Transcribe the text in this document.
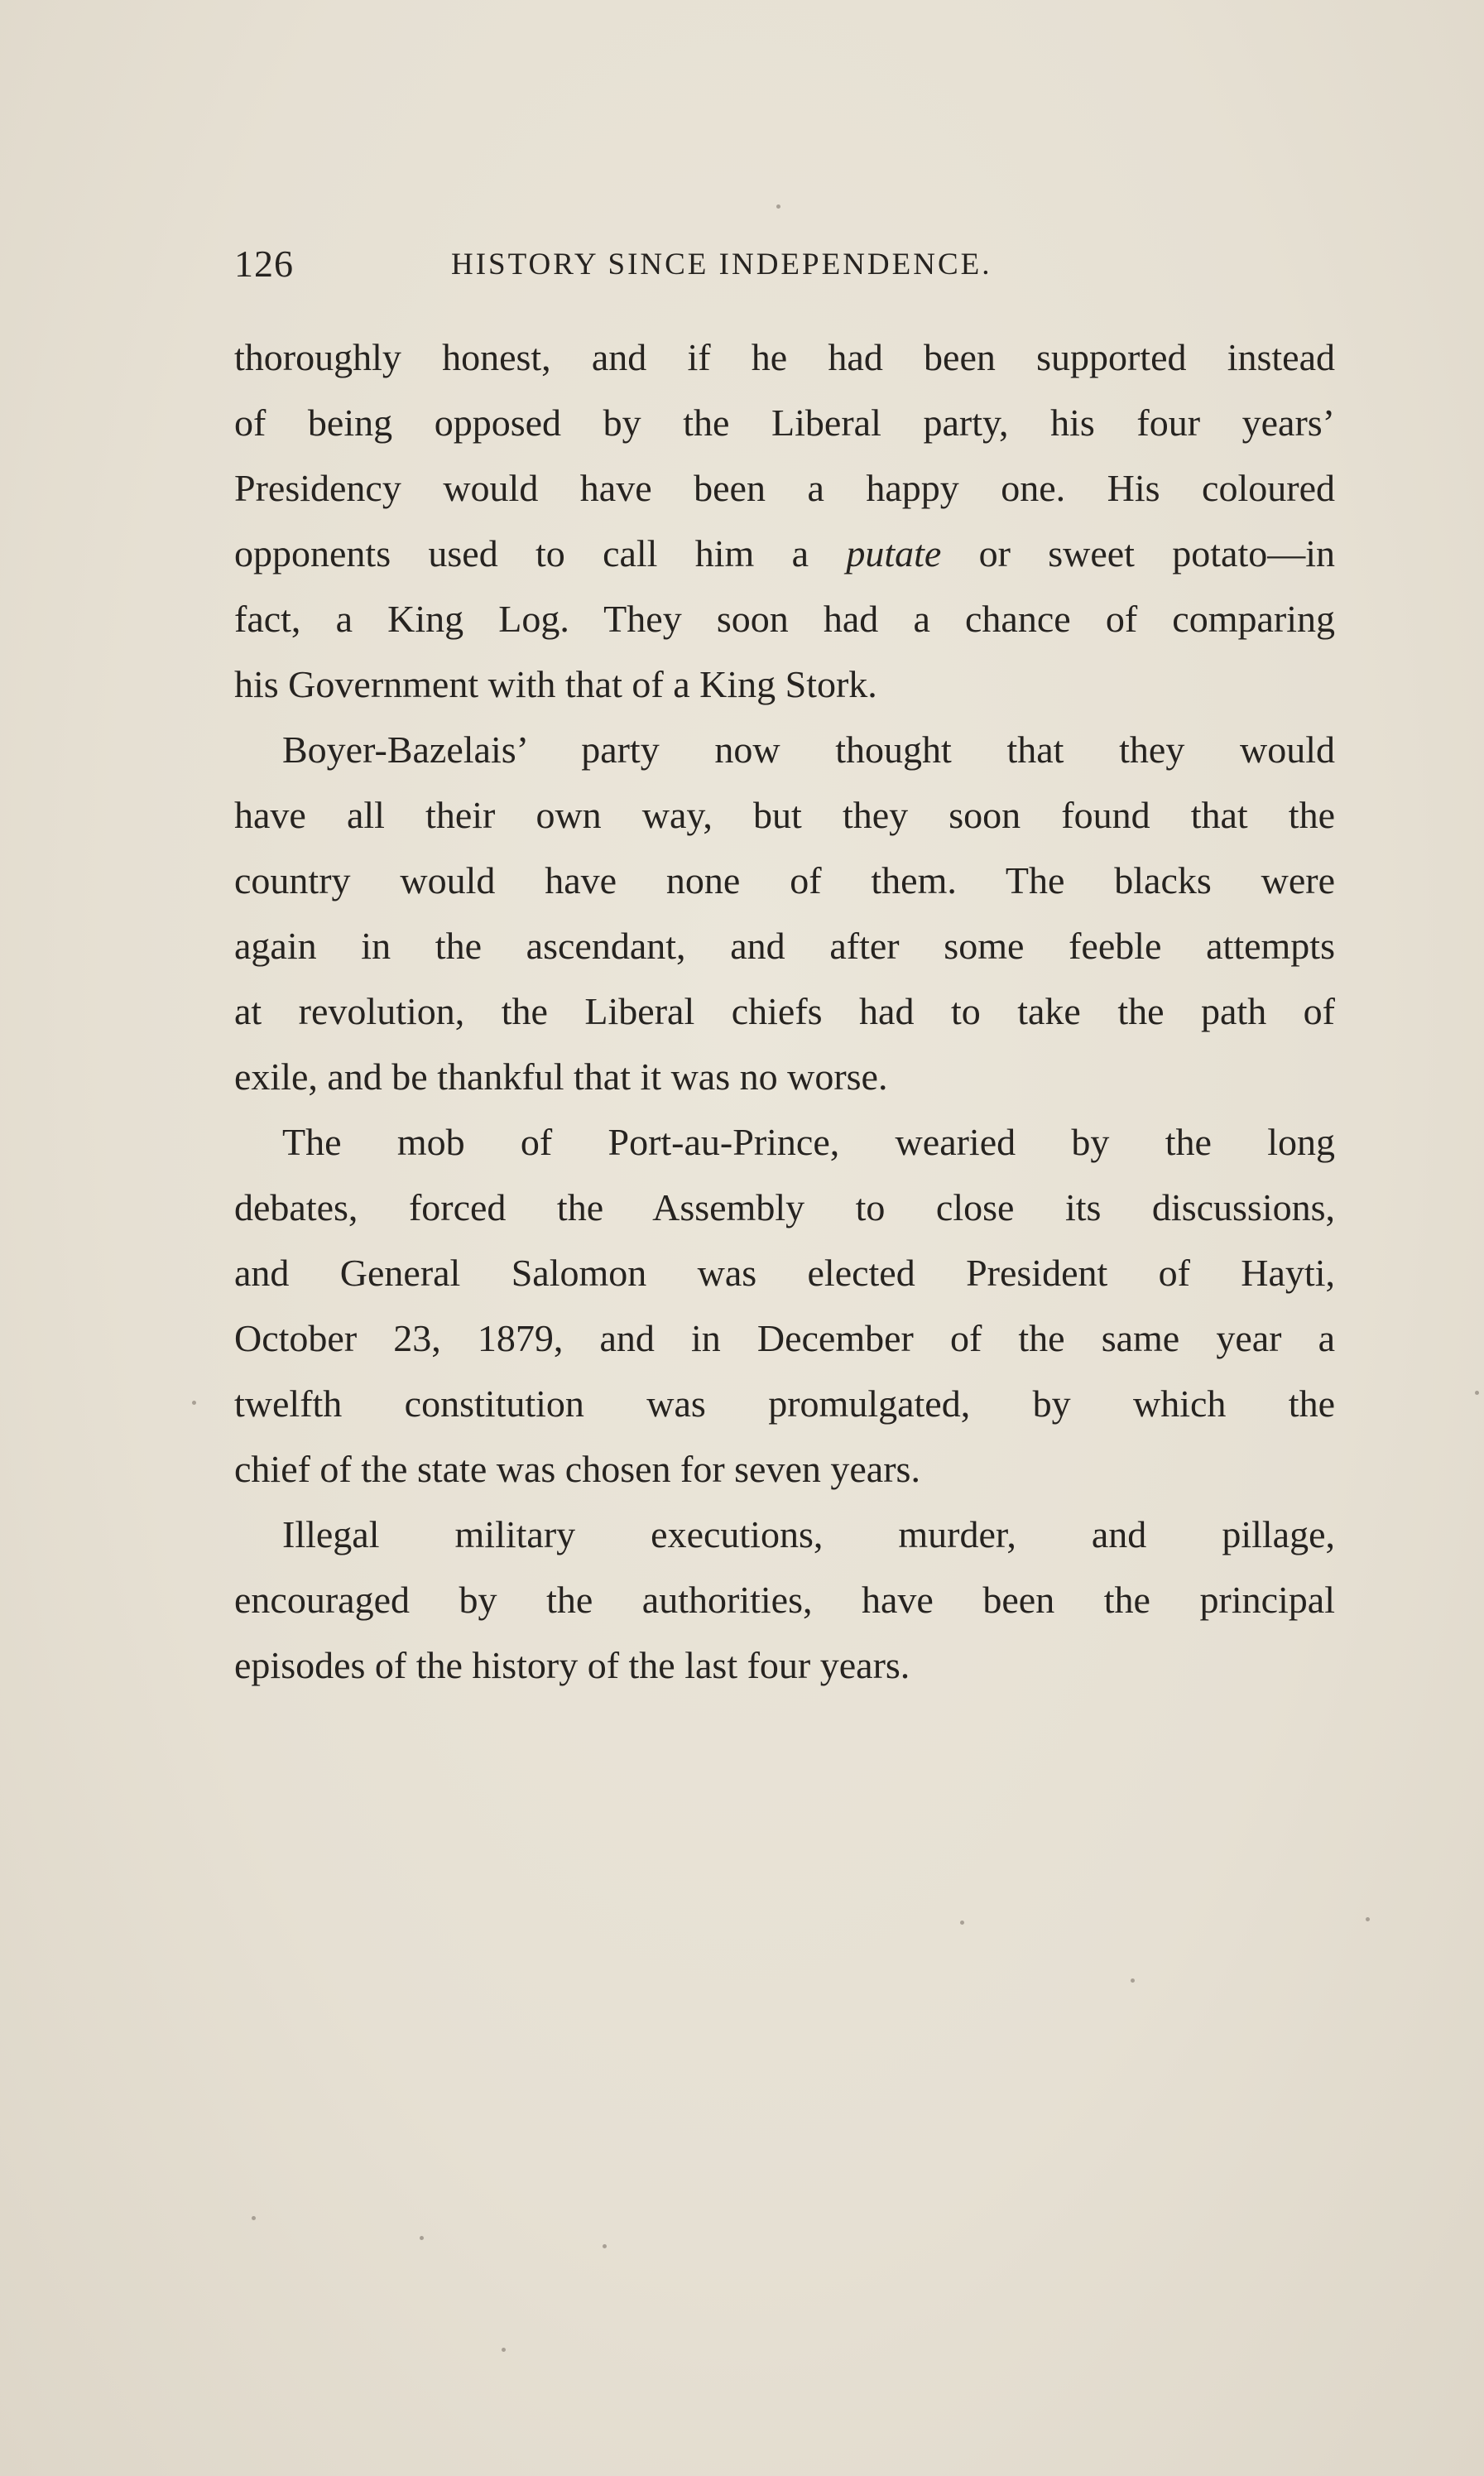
126	HISTORY SINCE INDEPENDENCE.
thoroughly honest, and if he had been supported instead
of being opposed by the Liberal party, his four years’
Presidency would have been a happy one. His coloured
opponents used to call him a putate or sweet potato—in
fact, a King Log. They soon had a chance of comparing
his Government with that of a King Stork.
Boyer-Bazelais’ party now thought that they would
have all their own way, but they soon found that the
country would have none of them. The blacks were
again in the ascendant, and after some feeble attempts
at revolution, the Liberal chiefs had to take the path of
exile, and be thankful that it was no worse.
The mob of Port-au-Prince, wearied by the long
debates, forced the Assembly to close its discussions,
and General Salomon was elected President of Hayti,
October 23, 1879, and in December of the same year a
twelfth constitution was promulgated, by which the
chief of the state was chosen for seven years.
Illegal military executions, murder, and pillage,
encouraged by the authorities, have been the principal
episodes of the history of the last four years.
